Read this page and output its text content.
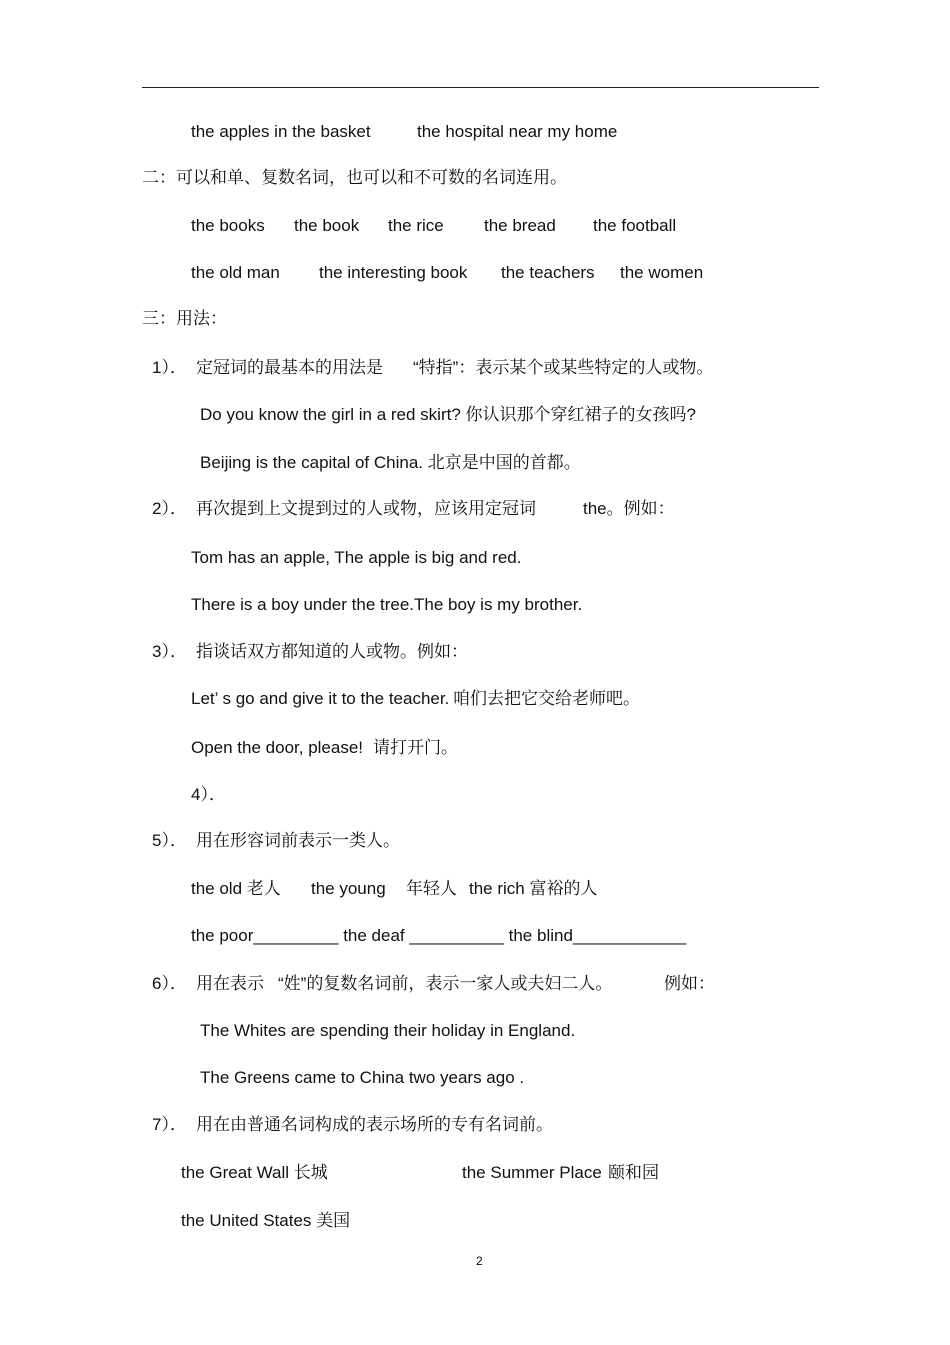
the apples in the basket	the hospital near my home
二：可以和单、复数名词，也可以和不可数的名词连用。
the books the book the rice the bread the football
the old man the interesting book the teachers the women
三：用法：
1）． 定冠词的最基本的用法是 “特指”：表示某个或某些特定的人或物。
Do you know the girl in a red skirt? 你认识那个穿红裙子的女孩吗?
Beijing is the capital of China. 北京是中国的首都。
2）． 再次提到上文提到过的人或物，应该用定冠词	the。例如：
Tom has an apple, The apple is big and red.
There is a boy under the tree.The boy is my brother.
3）． 指谈话双方都知道的人或物。例如：
Let’ s go and give it to the teacher. 咱们去把它交给老师吧。
Open the door, please! 请打开门。
4）．
5）． 用在形容词前表示一类人。
the old 老人 the young 年轻人 the rich 富裕的人
the poor_________ the deaf __________ the blind____________
6）． 用在表示 “姓”的复数名词前，表示一家人或夫妇二人。	例如：
The Whites are spending their holiday in England.
The Greens came to China two years ago .
7）． 用在由普通名词构成的表示场所的专有名词前。
the Great Wall 长城	the Summer Place 颐和园
the United States 美国
2
